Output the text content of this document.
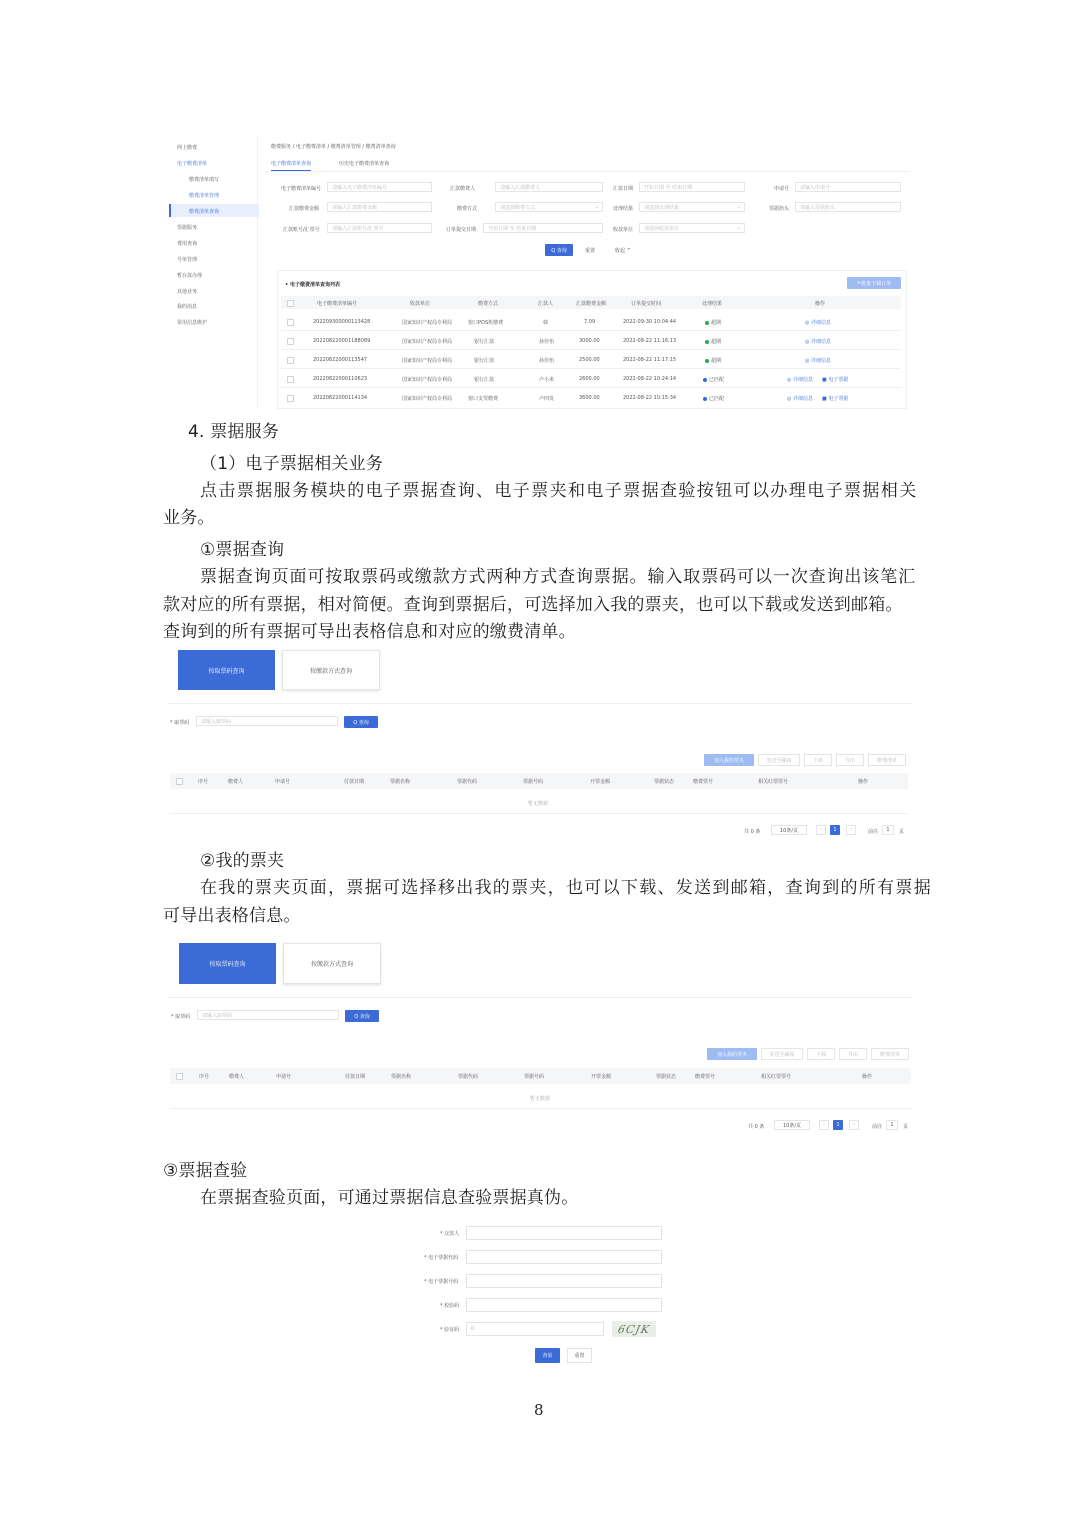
网上缴费
电子缴费清单
缴费清单填写
缴费清单管理
缴费清单查询
票据服务
费用查询
号单管理
暂存款办理
其他业务
我的消息
常用信息维护
缴费服务 / 电子缴费清单 / 缴费清单管理 / 缴费清单查询
电子缴费清单查询	历史电子缴费清单查询
电子缴费清单编号 请输入电子缴费清单编号	汇款缴费人	请输入汇款缴费人	汇款日期 开始日期 至 结束日期	申请号 请输入申请号
汇款缴费金额	请输入汇款缴费金额	缴费方式	请选择缴费方式	⌄	处理结果 请选择处理结果	⌄	票据抬头 请输入票据抬头
汇款账号/汇票号 请输入汇款账号/汇票号	订单提交日期 开始日期 至 结束日期	收款单位 请选择收款单位	⌄
Q 查询	重置	收起 ^
• 电子缴费清单查询列表	+ 批量下载订单
电子缴费清单编号	收款单位	缴费方式	汇款人	汇款缴费金额	订单提交时间	处理结果	操作
2022093000001134​28	国家知识产权局专利局	窗口POS机缴费	韩	7.09	2022-09-30 10:04:44	超期	◎ 详细信息
20220822000118808​9	国家知识产权局专利局	银行汇款	孙佳怡	3000.00	2022-08-22 11:16:13	超期	◎ 详细信息
202208220001135​47	国家知识产权局专利局	银行汇款	孙佳怡	2500.00	2022-08-22 11:17:15	超期	◎ 详细信息
202208220001106​23	国家知识产权局专利局	银行汇款	卢小米	2600.00	2022-08-22 10:24:14	已匹配	◎ 详细信息 ■ 电子票据
202208220001141​34	国家知识产权局专利局	窗口支票缴费	卢四发	3600.00	2022-08-22 10:15:34	已匹配	◎ 详细信息 ■ 电子票据
4. 票据服务
（1）电子票据相关业务
点击票据服务模块的电子票据查询、电子票夹和电子票据查验按钮可以办理电子票据相关
业务。
①票据查询
票据查询页面可按取票码或缴款方式两种方式查询票据。输入取票码可以一次查询出该笔汇
款对应的所有票据，相对简便。查询到票据后，可选择加入我的票夹，也可以下载或发送到邮箱。
查询到的所有票据可导出表格信息和对应的缴费清单。
按取票码查询	按缴款方式查询
* 取票码 请输入取票码	Q 查询
加入我的票夹	发送至邮箱	下载	导出	缴费清单
序号	缴费人	申请号	付款日期	票据名称	票据代码	票据号码	开票金额	票据状态	缴费票号	相关红票票号	操作
暂无数据
共 0 条	10条/页	‹	1	›	前往	1	页
②我的票夹
在我的票夹页面，票据可选择移出我的票夹，也可以下载、发送到邮箱，查询到的所有票据
可导出表格信息。
按取票码查询	按缴款方式查询
* 取票码 请输入取票码	Q 查询
加入我的票夹	发送至邮箱	下载	导出	缴费清单
序号	缴费人	申请号	付款日期	票据名称	票据代码	票据号码	开票金额	票据状态	缴费票号	相关红票票号	操作
暂无数据
共 0 条	10条/页	‹	1	›	前往	1	页
③票据查验
在票据查验页面，可通过票据信息查验票据真伪。
* 交款人
* 电子票据代码
* 电子票据号码
* 校验码
* 验证码 0	6CJK
查验	重置
8
